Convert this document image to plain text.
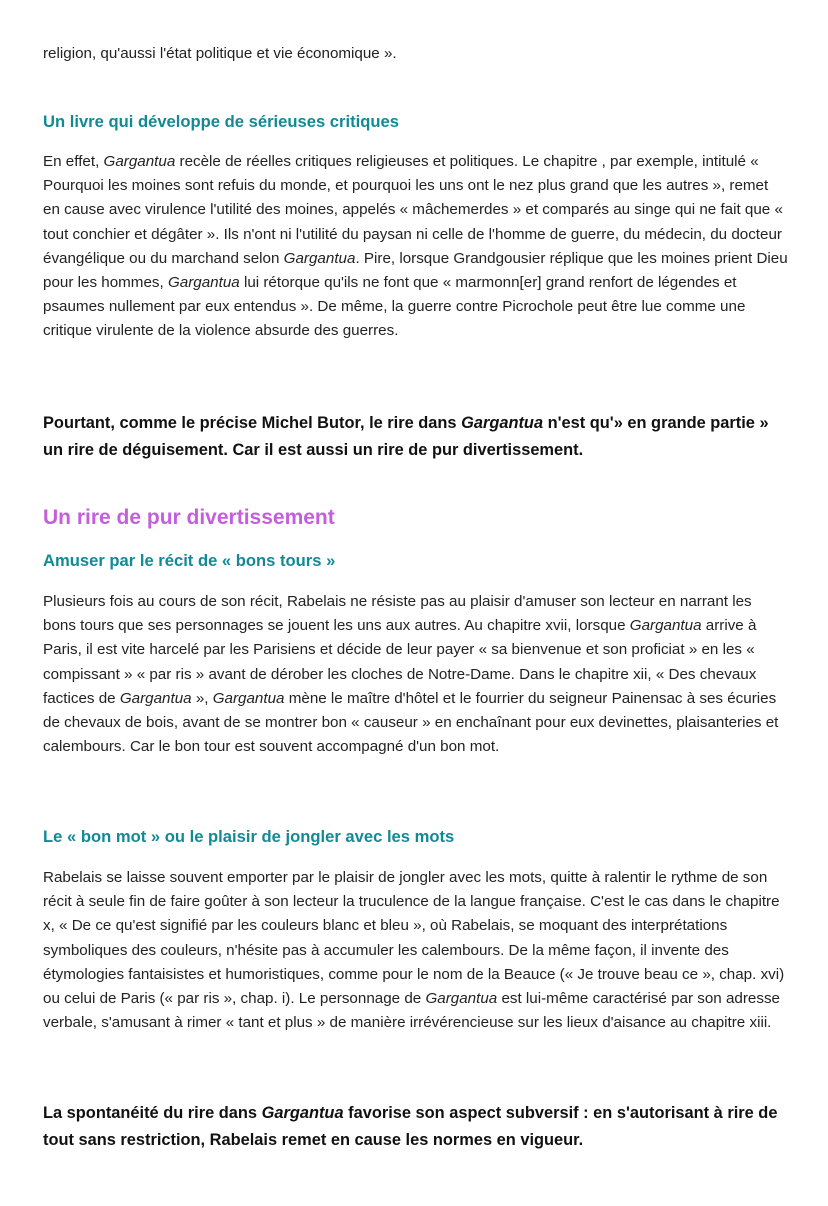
religion, qu'aussi l'état politique et vie économique ».

Un livre qui développe de sérieuses critiques

En effet, Gargantua recèle de réelles critiques religieuses et politiques. Le chapitre , par exemple, intitulé « Pourquoi les moines sont refuis du monde, et pourquoi les uns ont le nez plus grand que les autres », remet en cause avec virulence l'utilité des moines, appelés « mâchemerdes » et comparés au singe qui ne fait que « tout conchier et dégâter ». Ils n'ont ni l'utilité du paysan ni celle de l'homme de guerre, du médecin, du docteur évangélique ou du marchand selon Gargantua. Pire, lorsque Grandgousier réplique que les moines prient Dieu pour les hommes, Gargantua lui rétorque qu'ils ne font que « marmonn[er] grand renfort de légendes et psaumes nullement par eux entendus ». De même, la guerre contre Picrochole peut être lue comme une critique virulente de la violence absurde des guerres.

Pourtant, comme le précise Michel Butor, le rire dans Gargantua n'est qu'» en grande partie » un rire de déguisement. Car il est aussi un rire de pur divertissement.

Un rire de pur divertissement
Amuser par le récit de « bons tours »

Plusieurs fois au cours de son récit, Rabelais ne résiste pas au plaisir d'amuser son lecteur en narrant les bons tours que ses personnages se jouent les uns aux autres. Au chapitre xvii, lorsque Gargantua arrive à Paris, il est vite harcelé par les Parisiens et décide de leur payer « sa bienvenue et son proficiat » en les « compissant » « par ris » avant de dérober les cloches de Notre-Dame. Dans le chapitre xii, « Des chevaux factices de Gargantua », Gargantua mène le maître d'hôtel et le fourrier du seigneur Painensac à ses écuries de chevaux de bois, avant de se montrer bon « causeur » en enchaînant pour eux devinettes, plaisanteries et calembours. Car le bon tour est souvent accompagné d'un bon mot.

Le « bon mot » ou le plaisir de jongler avec les mots

Rabelais se laisse souvent emporter par le plaisir de jongler avec les mots, quitte à ralentir le rythme de son récit à seule fin de faire goûter à son lecteur la truculence de la langue française. C'est le cas dans le chapitre x, « De ce qu'est signifié par les couleurs blanc et bleu », où Rabelais, se moquant des interprétations symboliques des couleurs, n'hésite pas à accumuler les calembours. De la même façon, il invente des étymologies fantaisistes et humoristiques, comme pour le nom de la Beauce (« Je trouve beau ce », chap. xvi) ou celui de Paris (« par ris », chap. i). Le personnage de Gargantua est lui-même caractérisé par son adresse verbale, s'amusant à rimer « tant et plus » de manière irrévérencieuse sur les lieux d'aisance au chapitre xiii.

La spontanéité du rire dans Gargantua favorise son aspect subversif : en s'autorisant à rire de tout sans restriction, Rabelais remet en cause les normes en vigueur.
